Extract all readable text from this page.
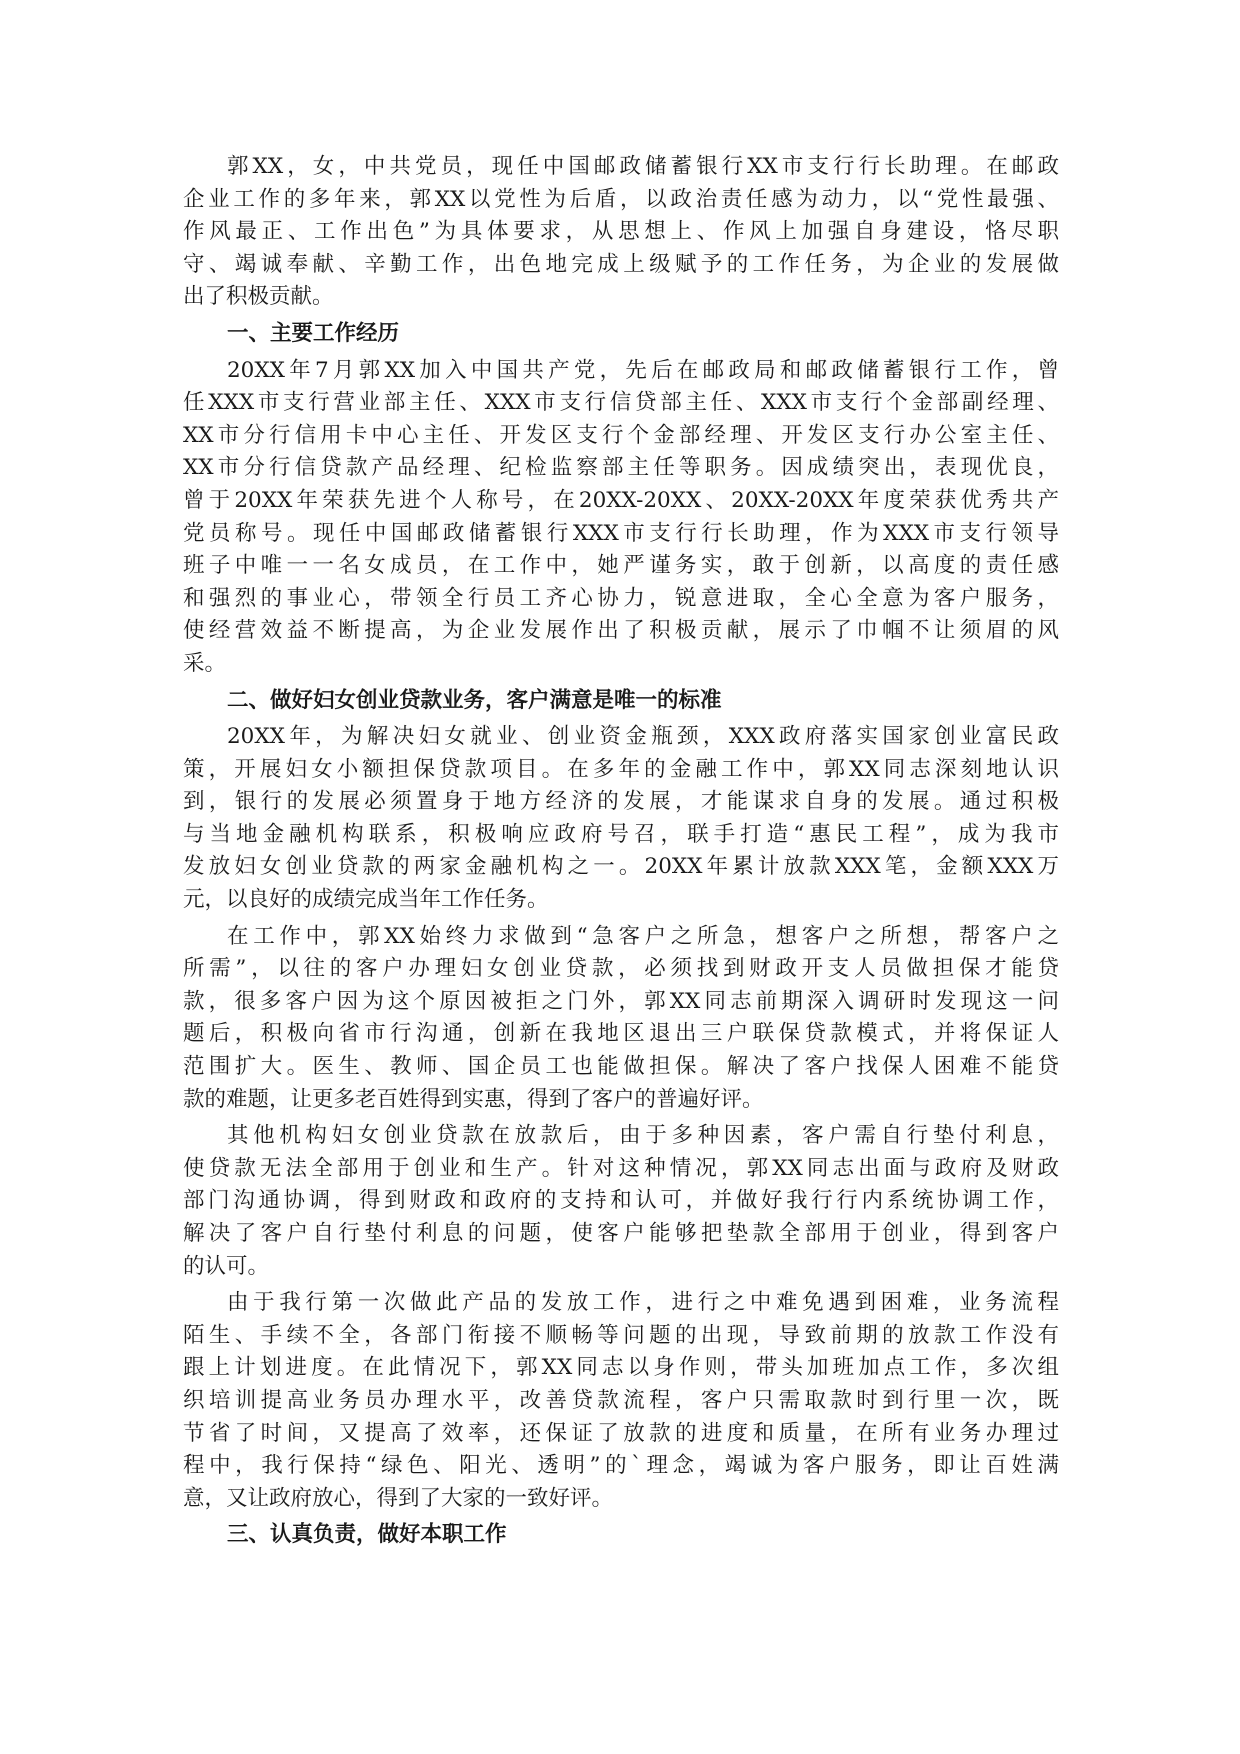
郭XX，女，中共党员，现任中国邮政储蓄银行XX市支行行长助理。在邮政
企业工作的多年来，郭XX以党性为后盾，以政治责任感为动力，以“党性最强、
作风最正、工作出色”为具体要求，从思想上、作风上加强自身建设，恪尽职
守、竭诚奉献、辛勤工作，出色地完成上级赋予的工作任务，为企业的发展做
出了积极贡献。
一、主要工作经历
20XX年7月郭XX加入中国共产党，先后在邮政局和邮政储蓄银行工作，曾
任XXX市支行营业部主任、XXX市支行信贷部主任、XXX市支行个金部副经理、
XX市分行信用卡中心主任、开发区支行个金部经理、开发区支行办公室主任、
XX市分行信贷款产品经理、纪检监察部主任等职务。因成绩突出，表现优良，
曾于20XX年荣获先进个人称号，在20XX-20XX、20XX-20XX年度荣获优秀共产
党员称号。现任中国邮政储蓄银行XXX市支行行长助理，作为XXX市支行领导
班子中唯一一名女成员，在工作中，她严谨务实，敢于创新，以高度的责任感
和强烈的事业心，带领全行员工齐心协力，锐意进取，全心全意为客户服务，
使经营效益不断提高，为企业发展作出了积极贡献，展示了巾帼不让须眉的风
采。
二、做好妇女创业贷款业务，客户满意是唯一的标准
20XX年，为解决妇女就业、创业资金瓶颈，XXX政府落实国家创业富民政
策，开展妇女小额担保贷款项目。在多年的金融工作中，郭XX同志深刻地认识
到，银行的发展必须置身于地方经济的发展，才能谋求自身的发展。通过积极
与当地金融机构联系，积极响应政府号召，联手打造“惠民工程”，成为我市
发放妇女创业贷款的两家金融机构之一。20XX年累计放款XXX笔，金额XXX万
元，以良好的成绩完成当年工作任务。
在工作中，郭XX始终力求做到“急客户之所急，想客户之所想，帮客户之
所需”，以往的客户办理妇女创业贷款，必须找到财政开支人员做担保才能贷
款，很多客户因为这个原因被拒之门外，郭XX同志前期深入调研时发现这一问
题后，积极向省市行沟通，创新在我地区退出三户联保贷款模式，并将保证人
范围扩大。医生、教师、国企员工也能做担保。解决了客户找保人困难不能贷
款的难题，让更多老百姓得到实惠，得到了客户的普遍好评。
其他机构妇女创业贷款在放款后，由于多种因素，客户需自行垫付利息，
使贷款无法全部用于创业和生产。针对这种情况，郭XX同志出面与政府及财政
部门沟通协调，得到财政和政府的支持和认可，并做好我行行内系统协调工作，
解决了客户自行垫付利息的问题，使客户能够把垫款全部用于创业，得到客户
的认可。
由于我行第一次做此产品的发放工作，进行之中难免遇到困难，业务流程
陌生、手续不全，各部门衔接不顺畅等问题的出现，导致前期的放款工作没有
跟上计划进度。在此情况下，郭XX同志以身作则，带头加班加点工作，多次组
织培训提高业务员办理水平，改善贷款流程，客户只需取款时到行里一次，既
节省了时间，又提高了效率，还保证了放款的进度和质量，在所有业务办理过
程中，我行保持“绿色、阳光、透明”的`理念，竭诚为客户服务，即让百姓满
意，又让政府放心，得到了大家的一致好评。
三、认真负责，做好本职工作
